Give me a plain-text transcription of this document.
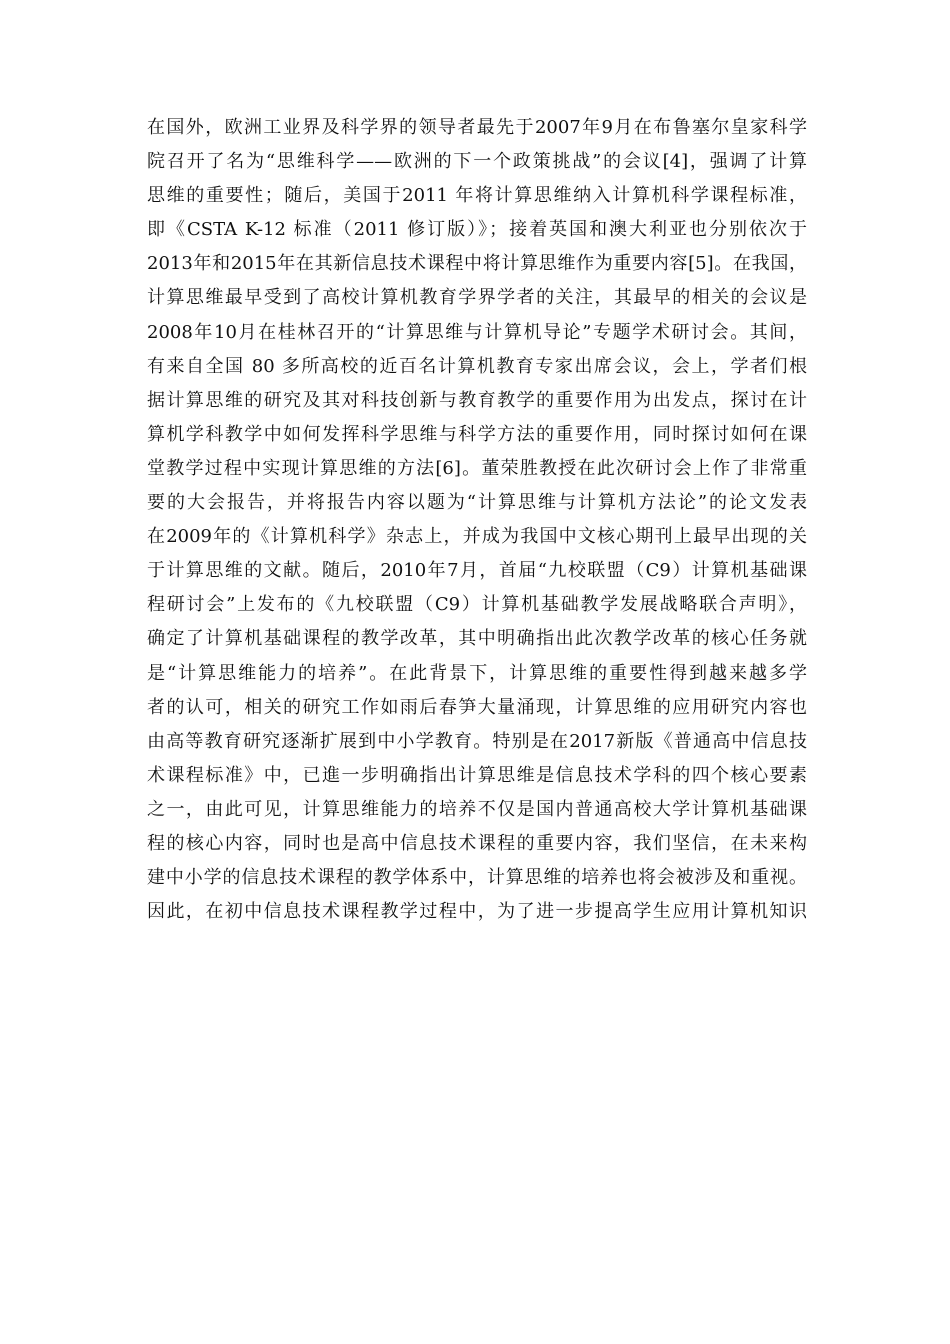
在国外，欧洲工业界及科学界的领导者最先于2007年9月在布鲁塞尔皇家科学
院召开了名为“思维科学——欧洲的下一个政策挑战”的会议[4]，强调了计算
思维的重要性；随后，美国于2011 年将计算思维纳入计算机科学课程标准，
即《CSTA K-12 标准（2011 修订版）》；接着英国和澳大利亚也分别依次于
2013年和2015年在其新信息技术课程中将计算思维作为重要内容[5]。在我国，
计算思维最早受到了高校计算机教育学界学者的关注，其最早的相关的会议是
2008年10月在桂林召开的“计算思维与计算机导论”专题学术研讨会。其间，
有来自全国 80 多所高校的近百名计算机教育专家出席会议，会上，学者们根
据计算思维的研究及其对科技创新与教育教学的重要作用为出发点，探讨在计
算机学科教学中如何发挥科学思维与科学方法的重要作用，同时探讨如何在课
堂教学过程中实现计算思维的方法[6]。董荣胜教授在此次研讨会上作了非常重
要的大会报告，并将报告内容以题为“计算思维与计算机方法论”的论文发表
在2009年的《计算机科学》杂志上，并成为我国中文核心期刊上最早出现的关
于计算思维的文献。随后，2010年7月，首届“九校联盟（C9）计算机基础课
程研讨会”上发布的《九校联盟（C9）计算机基础教学发展战略联合声明》，
确定了计算机基础课程的教学改革，其中明确指出此次教学改革的核心任务就
是“计算思维能力的培养”。在此背景下，计算思维的重要性得到越来越多学
者的认可，相关的研究工作如雨后春笋大量涌现，计算思维的应用研究内容也
由高等教育研究逐渐扩展到中小学教育。特别是在2017新版《普通高中信息技
术课程标准》中，已進一步明确指出计算思维是信息技术学科的四个核心要素
之一，由此可见，计算思维能力的培养不仅是国内普通高校大学计算机基础课
程的核心内容，同时也是高中信息技术课程的重要内容，我们坚信，在未来构
建中小学的信息技术课程的教学体系中，计算思维的培养也将会被涉及和重视。
因此，在初中信息技术课程教学过程中，为了进一步提高学生应用计算机知识
